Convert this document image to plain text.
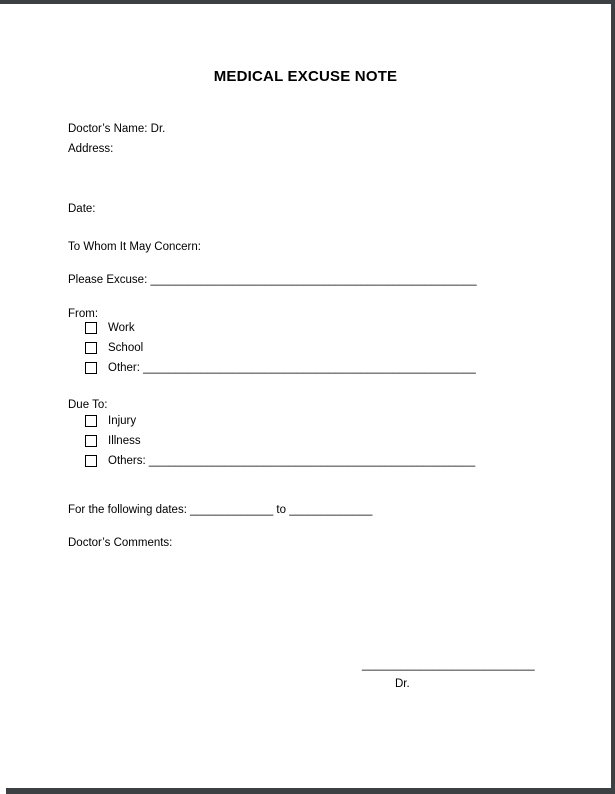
MEDICAL EXCUSE NOTE
Doctor’s Name: Dr.
Address:
Date:
To Whom It May Concern:
Please Excuse: ___________________________________________________
From:
Work
School
Other: ____________________________________________________
Due To:
Injury
Illness
Others: ___________________________________________________
For the following dates: _____________ to _____________
Doctor’s Comments:
___________________________
Dr.
